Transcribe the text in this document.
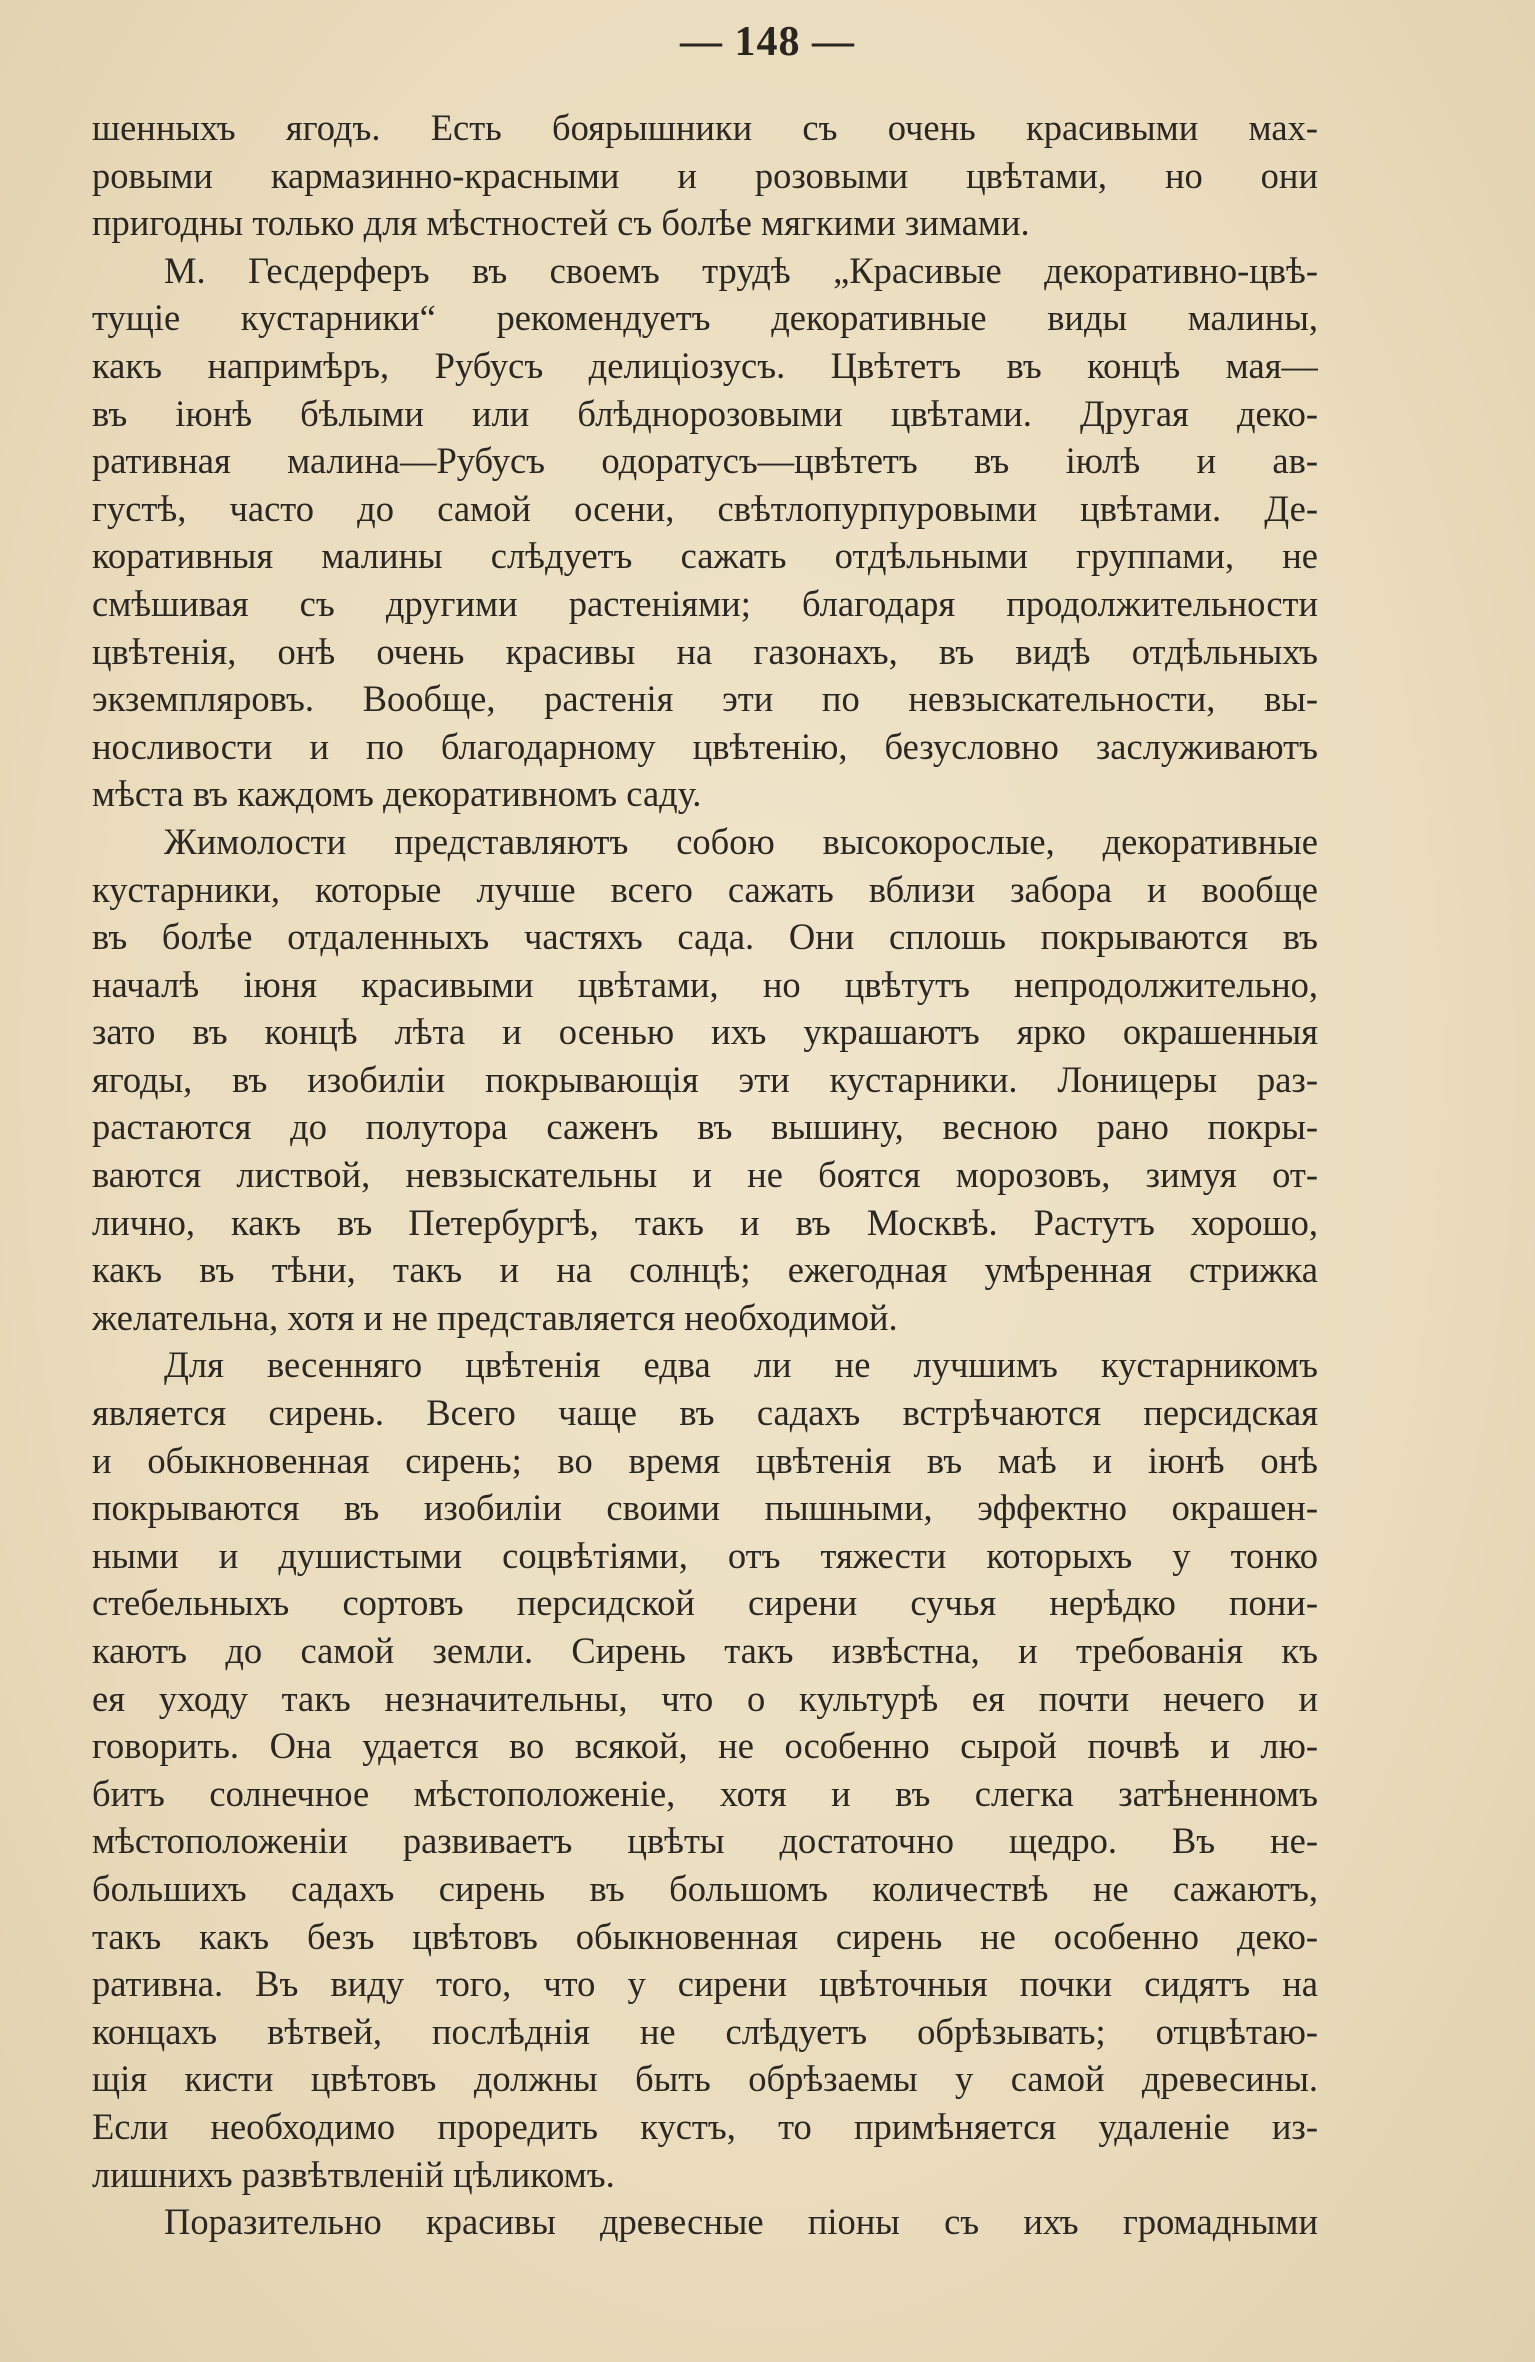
— 148 —
шенныхъ ягодъ. Есть боярышники съ очень красивыми мах-
ровыми кармазинно-красными и розовыми цвѣтами, но они
пригодны только для мѣстностей съ болѣе мягкими зимами.
М. Гесдерферъ въ своемъ трудѣ „Красивые декоративно-цвѣ-
тущіе кустарники“ рекомендуетъ декоративные виды малины,
какъ напримѣръ, Рубусъ делиціозусъ. Цвѣтетъ въ концѣ мая—
въ іюнѣ бѣлыми или блѣднорозовыми цвѣтами. Другая деко-
ративная малина—Рубусъ одоратусъ—цвѣтетъ въ іюлѣ и ав-
густѣ, часто до самой осени, свѣтлопурпуровыми цвѣтами. Де-
коративныя малины слѣдуетъ сажать отдѣльными группами, не
смѣшивая съ другими растеніями; благодаря продолжительности
цвѣтенія, онѣ очень красивы на газонахъ, въ видѣ отдѣльныхъ
экземпляровъ. Вообще, растенія эти по невзыскательности, вы-
носливости и по благодарному цвѣтенію, безусловно заслуживаютъ
мѣста въ каждомъ декоративномъ саду.
Жимолости представляютъ собою высокорослые, декоративные
кустарники, которые лучше всего сажать вблизи забора и вообще
въ болѣе отдаленныхъ частяхъ сада. Они сплошь покрываются въ
началѣ іюня красивыми цвѣтами, но цвѣтутъ непродолжительно,
зато въ концѣ лѣта и осенью ихъ украшаютъ ярко окрашенныя
ягоды, въ изобиліи покрывающія эти кустарники. Лоницеры раз-
растаются до полутора саженъ въ вышину, весною рано покры-
ваются листвой, невзыскательны и не боятся морозовъ, зимуя от-
лично, какъ въ Петербургѣ, такъ и въ Москвѣ. Растутъ хорошо,
какъ въ тѣни, такъ и на солнцѣ; ежегодная умѣренная стрижка
желательна, хотя и не представляется необходимой.
Для весенняго цвѣтенія едва ли не лучшимъ кустарникомъ
является сирень. Всего чаще въ садахъ встрѣчаются персидская
и обыкновенная сирень; во время цвѣтенія въ маѣ и іюнѣ онѣ
покрываются въ изобиліи своими пышными, эффектно окрашен-
ными и душистыми соцвѣтіями, отъ тяжести которыхъ у тонко
стебельныхъ сортовъ персидской сирени сучья нерѣдко пони-
каютъ до самой земли. Сирень такъ извѣстна, и требованія къ
ея уходу такъ незначительны, что о культурѣ ея почти нечего и
говорить. Она удается во всякой, не особенно сырой почвѣ и лю-
битъ солнечное мѣстоположеніе, хотя и въ слегка затѣненномъ
мѣстоположеніи развиваетъ цвѣты достаточно щедро. Въ не-
большихъ садахъ сирень въ большомъ количествѣ не сажаютъ,
такъ какъ безъ цвѣтовъ обыкновенная сирень не особенно деко-
ративна. Въ виду того, что у сирени цвѣточныя почки сидятъ на
концахъ вѣтвей, послѣднія не слѣдуетъ обрѣзывать; отцвѣтаю-
щія кисти цвѣтовъ должны быть обрѣзаемы у самой древесины.
Если необходимо проредить кустъ, то примѣняется удаленіе из-
лишнихъ развѣтвленій цѣликомъ.
Поразительно красивы древесные піоны съ ихъ громадными
